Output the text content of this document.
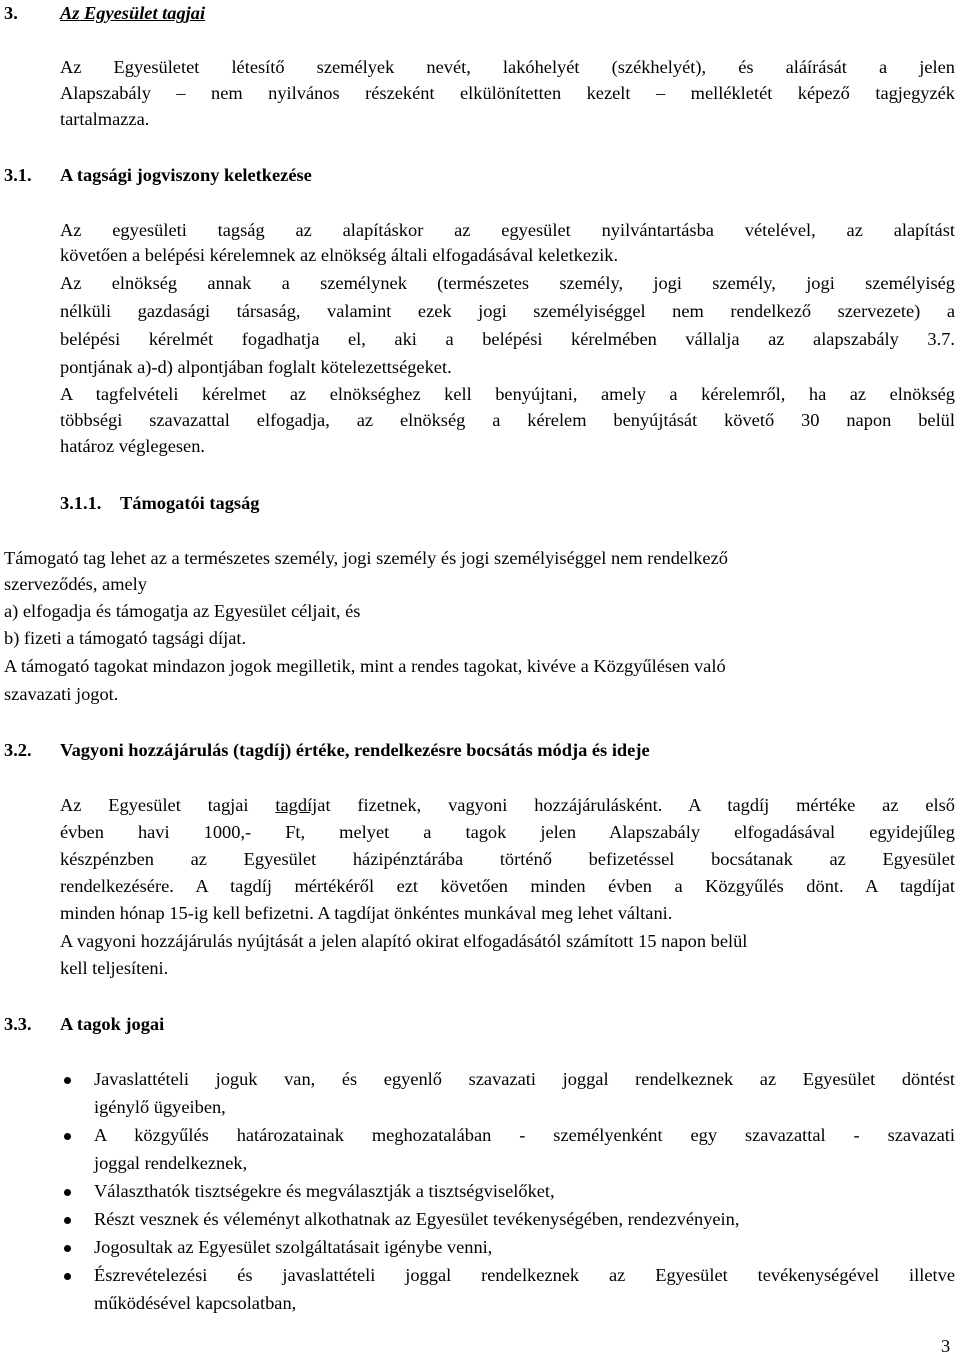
3. Az Egyesület tagjai
Az Egyesületet létesítő személyek nevét, lakóhelyét (székhelyét), és aláírását a jelen
Alapszabály – nem nyilvános részeként elkülönítetten kezelt – mellékletét képező tagjegyzék
tartalmazza.
3.1. A tagsági jogviszony keletkezése
Az egyesületi tagság az alapításkor az egyesület nyilvántartásba vételével, az alapítást
követően a belépési kérelemnek az elnökség általi elfogadásával keletkezik.
Az elnökség annak a személynek (természetes személy, jogi személy, jogi személyiség
nélküli gazdasági társaság, valamint ezek jogi személyiséggel nem rendelkező szervezete) a
belépési kérelmét fogadhatja el, aki a belépési kérelmében vállalja az alapszabály 3.7.
pontjának a)-d) alpontjában foglalt kötelezettségeket.
A tagfelvételi kérelmet az elnökséghez kell benyújtani, amely a kérelemről, ha az elnökség
többségi szavazattal elfogadja, az elnökség a kérelem benyújtását követő 30 napon belül
határoz véglegesen.
3.1.1. Támogatói tagság
Támogató tag lehet az a természetes személy, jogi személy és jogi személyiséggel nem rendelkező
szerveződés, amely
a) elfogadja és támogatja az Egyesület céljait, és
b) fizeti a támogató tagsági díjat.
A támogató tagokat mindazon jogok megilletik, mint a rendes tagokat, kivéve a Közgyűlésen való
szavazati jogot.
3.2. Vagyoni hozzájárulás (tagdíj) értéke, rendelkezésre bocsátás módja és ideje
Az Egyesület tagjai tagdíjat fizetnek, vagyoni hozzájárulásként. A tagdíj mértéke az első
évben havi 1000,- Ft, melyet a tagok jelen Alapszabály elfogadásával egyidejűleg
készpénzben az Egyesület házipénztárába történő befizetéssel bocsátanak az Egyesület
rendelkezésére. A tagdíj mértékéről ezt követően minden évben a Közgyűlés dönt. A tagdíjat
minden hónap 15-ig kell befizetni. A tagdíjat önkéntes munkával meg lehet váltani.
A vagyoni hozzájárulás nyújtását a jelen alapító okirat elfogadásától számított 15 napon belül
kell teljesíteni.
3.3. A tagok jogai
Javaslattételi joguk van, és egyenlő szavazati joggal rendelkeznek az Egyesület döntést
igénylő ügyeiben,
A közgyűlés határozatainak meghozatalában - személyenként egy szavazattal - szavazati
joggal rendelkeznek,
Választhatók tisztségekre és megválasztják a tisztségviselőket,
Részt vesznek és véleményt alkothatnak az Egyesület tevékenységében, rendezvényein,
Jogosultak az Egyesület szolgáltatásait igénybe venni,
Észrevételezési és javaslattételi joggal rendelkeznek az Egyesület tevékenységével illetve
működésével kapcsolatban,
3
